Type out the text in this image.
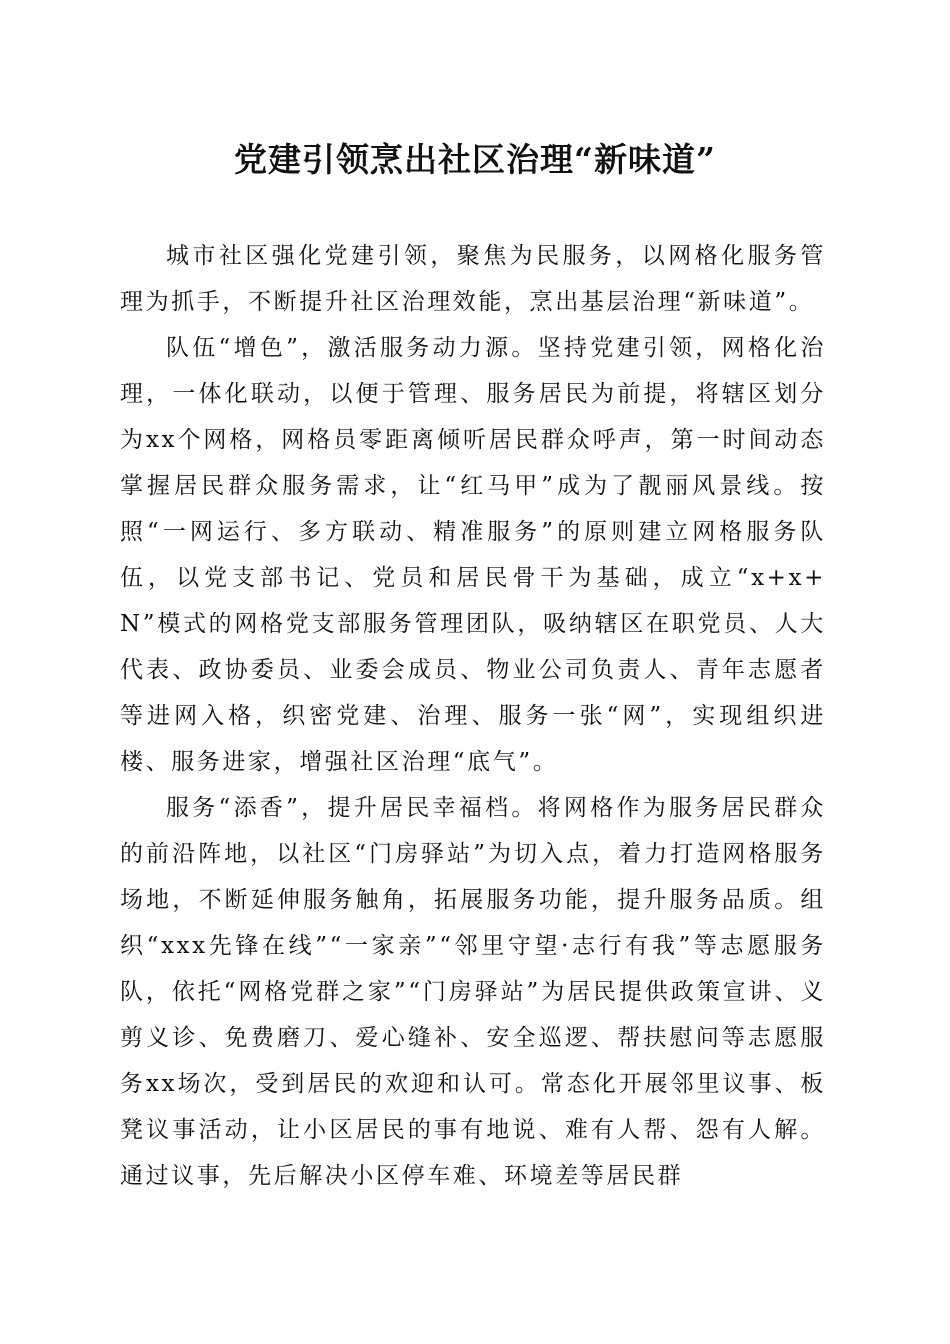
党建引领烹出社区治理“新味道”

城市社区强化党建引领，聚焦为民服务，以网格化服务管理为抓手，不断提升社区治理效能，烹出基层治理“新味道”。

队伍“增色”，激活服务动力源。坚持党建引领，网格化治理，一体化联动，以便于管理、服务居民为前提，将辖区划分为xx个网格，网格员零距离倾听居民群众呼声，第一时间动态掌握居民群众服务需求，让“红马甲”成为了靓丽风景线。按照“一网运行、多方联动、精准服务”的原则建立网格服务队伍，以党支部书记、党员和居民骨干为基础，成立“x+x+N”模式的网格党支部服务管理团队，吸纳辖区在职党员、人大代表、政协委员、业委会成员、物业公司负责人、青年志愿者等进网入格，织密党建、治理、服务一张“网”，实现组织进楼、服务进家，增强社区治理“底气”。

服务“添香”，提升居民幸福档。将网格作为服务居民群众的前沿阵地，以社区“门房驿站”为切入点，着力打造网格服务场地，不断延伸服务触角，拓展服务功能，提升服务品质。组织“xxx先锋在线”“一家亲”“邻里守望·志行有我”等志愿服务队，依托“网格党群之家”“门房驿站”为居民提供政策宣讲、义剪义诊、免费磨刀、爱心缝补、安全巡逻、帮扶慰问等志愿服务xx场次，受到居民的欢迎和认可。常态化开展邻里议事、板凳议事活动，让小区居民的事有地说、难有人帮、怨有人解。通过议事，先后解决小区停车难、环境差等居民群
